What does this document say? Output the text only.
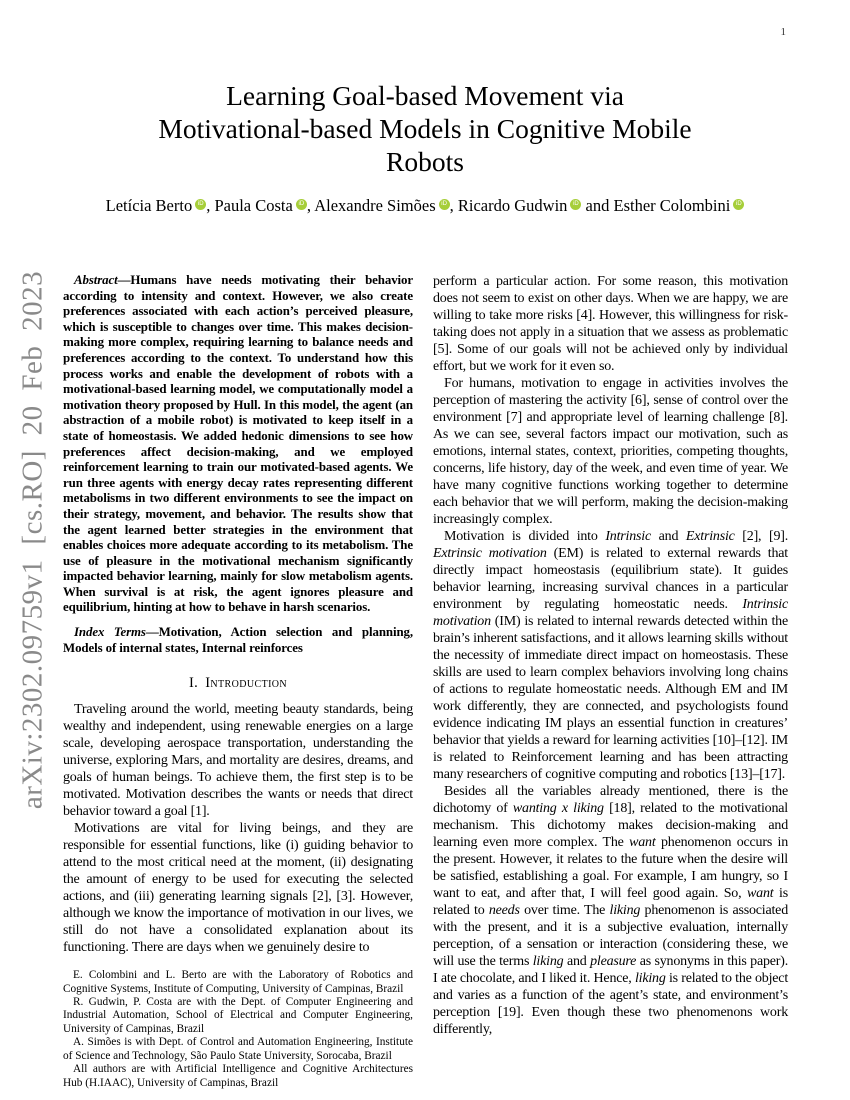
1
arXiv:2302.09759v1 [cs.RO] 20 Feb 2023
Learning Goal-based Movement via
Motivational-based Models in Cognitive Mobile
Robots
Letícia Berto iD , Paula Costa iD , Alexandre Simões iD , Ricardo Gudwin iD and Esther Colombini iD

Abstract—Humans have needs motivating their behavior according to intensity and context. However, we also create preferences associated with each action’s perceived pleasure, which is susceptible to changes over time. This makes decision-making more complex, requiring learning to balance needs and preferences according to the context. To understand how this process works and enable the development of robots with a motivational-based learning model, we computationally model a motivation theory proposed by Hull. In this model, the agent (an abstraction of a mobile robot) is motivated to keep itself in a state of homeostasis. We added hedonic dimensions to see how preferences affect decision-making, and we employed reinforcement learning to train our motivated-based agents. We run three agents with energy decay rates representing different metabolisms in two different environments to see the impact on their strategy, movement, and behavior. The results show that the agent learned better strategies in the environment that enables choices more adequate according to its metabolism. The use of pleasure in the motivational mechanism significantly impacted behavior learning, mainly for slow metabolism agents. When survival is at risk, the agent ignores pleasure and equilibrium, hinting at how to behave in harsh scenarios.

Index Terms—Motivation, Action selection and planning, Models of internal states, Internal reinforces

I. Introduction

Traveling around the world, meeting beauty standards, being wealthy and independent, using renewable energies on a large scale, developing aerospace transportation, understanding the universe, exploring Mars, and mortality are desires, dreams, and goals of human beings. To achieve them, the first step is to be motivated. Motivation describes the wants or needs that direct behavior toward a goal [1].

Motivations are vital for living beings, and they are responsible for essential functions, like (i) guiding behavior to attend to the most critical need at the moment, (ii) designating the amount of energy to be used for executing the selected actions, and (iii) generating learning signals [2], [3]. However, although we know the importance of motivation in our lives, we still do not have a consolidated explanation about its functioning. There are days when we genuinely desire to

E. Colombini and L. Berto are with the Laboratory of Robotics and Cognitive Systems, Institute of Computing, University of Campinas, Brazil

R. Gudwin, P. Costa are with the Dept. of Computer Engineering and Industrial Automation, School of Electrical and Computer Engineering, University of Campinas, Brazil

A. Simões is with Dept. of Control and Automation Engineering, Institute of Science and Technology, São Paulo State University, Sorocaba, Brazil

All authors are with Artificial Intelligence and Cognitive Architectures Hub (H.IAAC), University of Campinas, Brazil

perform a particular action. For some reason, this motivation does not seem to exist on other days. When we are happy, we are willing to take more risks [4]. However, this willingness for risk-taking does not apply in a situation that we assess as problematic [5]. Some of our goals will not be achieved only by individual effort, but we work for it even so.

For humans, motivation to engage in activities involves the perception of mastering the activity [6], sense of control over the environment [7] and appropriate level of learning challenge [8]. As we can see, several factors impact our motivation, such as emotions, internal states, context, priorities, competing thoughts, concerns, life history, day of the week, and even time of year. We have many cognitive functions working together to determine each behavior that we will perform, making the decision-making increasingly complex.

Motivation is divided into Intrinsic and Extrinsic [2], [9]. Extrinsic motivation (EM) is related to external rewards that directly impact homeostasis (equilibrium state). It guides behavior learning, increasing survival chances in a particular environment by regulating homeostatic needs. Intrinsic motivation (IM) is related to internal rewards detected within the brain’s inherent satisfactions, and it allows learning skills without the necessity of immediate direct impact on homeostasis. These skills are used to learn complex behaviors involving long chains of actions to regulate homeostatic needs. Although EM and IM work differently, they are connected, and psychologists found evidence indicating IM plays an essential function in creatures’ behavior that yields a reward for learning activities [10]–[12]. IM is related to Reinforcement learning and has been attracting many researchers of cognitive computing and robotics [13]–[17].

Besides all the variables already mentioned, there is the dichotomy of wanting x liking [18], related to the motivational mechanism. This dichotomy makes decision-making and learning even more complex. The want phenomenon occurs in the present. However, it relates to the future when the desire will be satisfied, establishing a goal. For example, I am hungry, so I want to eat, and after that, I will feel good again. So, want is related to needs over time. The liking phenomenon is associated with the present, and it is a subjective evaluation, internally perception, of a sensation or interaction (considering these, we will use the terms liking and pleasure as synonyms in this paper). I ate chocolate, and I liked it. Hence, liking is related to the object and varies as a function of the agent’s state, and environment’s perception [19]. Even though these two phenomenons work differently,
